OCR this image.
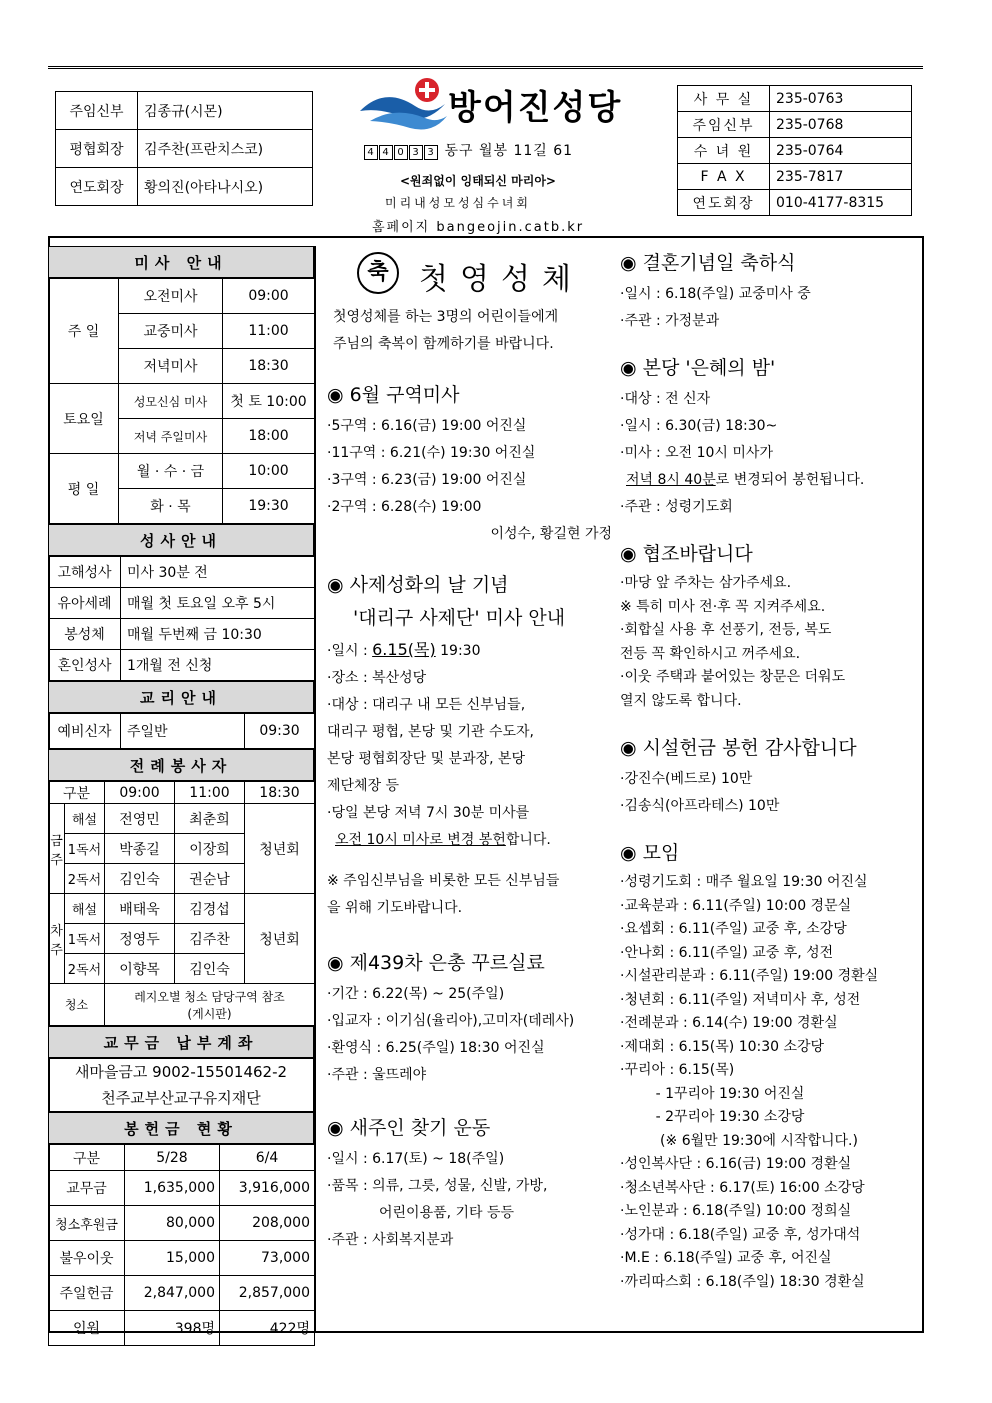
주임신부	김종규(시몬)
평협회장	김주찬(프란치스코)
연도회장	황의진(아타나시오)
방어진성당
4 4 0 3 3 동구 월봉 11길 61
<원죄없이 잉태되신 마리아>
미리내성모성심수녀회
홈페이지 bangeojin.catb.kr
사 무 실	235-0763
주임신부	235-0768
수 녀 원	235-0764
F A X	235-7817
연도회장	010-4177-8315
미사 안내
주 일	오전미사	09:00
	교중미사	11:00
	저녁미사	18:30
토요일	성모신심 미사	첫 토 10:00
	저녁 주일미사	18:00
평 일	월 · 수 · 금	10:00
	화 · 목	19:30
성사안내
고해성사	미사 30분 전
유아세례	매월 첫 토요일 오후 5시
봉성체	매월 두번째 금 10:30
혼인성사	1개월 전 신청
교리안내
예비신자	주일반	09:30
전례봉사자
구분		09:00	11:00	18:30
금주	해설	전영민	최춘희	청년회
	1독서	박종길	이장희	
	2독서	김인숙	권순남	
차주	해설	배태욱	김경섭	청년회
	1독서	정영두	김주찬	
	2독서	이향목	김인숙	
청소		레지오별 청소 담당구역 참조
(게시판)		
교무금 납부계좌
새마을금고 9002-15501462-2
천주교부산교구유지재단
봉헌금 현황
구분	5/28	6/4
교무금	1,635,000	3,916,000
청소후원금	80,000	208,000
불우이웃	15,000	73,000
주일헌금	2,847,000	2,857,000
인원	398명	422명
축	첫영성체
첫영성체를 하는 3명의 어린이들에게
주님의 축복이 함께하기를 바랍니다.
◉ 6월 구역미사
·5구역 : 6.16(금) 19:00 어진실
·11구역 : 6.21(수) 19:30 어진실
·3구역 : 6.23(금) 19:00 어진실
·2구역 : 6.28(수) 19:00
이성수, 황길현 가정
◉ 사제성화의 날 기념
'대리구 사제단' 미사 안내
·일시 : 6.15(목) 19:30
·장소 : 복산성당
·대상 : 대리구 내 모든 신부님들,
대리구 평협, 본당 및 기관 수도자,
본당 평협회장단 및 분과장, 본당
제단체장 등
·당일 본당 저녁 7시 30분 미사를
오전 10시 미사로 변경 봉헌합니다.
※ 주임신부님을 비롯한 모든 신부님들
을 위해 기도바랍니다.
◉ 제439차 은총 꾸르실료
·기간 : 6.22(목) ~ 25(주일)
·입교자 : 이기심(율리아),고미자(데레사)
·환영식 : 6.25(주일) 18:30 어진실
·주관 : 울뜨레야
◉ 새주인 찾기 운동
·일시 : 6.17(토) ~ 18(주일)
·품목 : 의류, 그릇, 성물, 신발, 가방,
어린이용품, 기타 등등
·주관 : 사회복지분과
◉ 결혼기념일 축하식
·일시 : 6.18(주일) 교중미사 중
·주관 : 가정분과
◉ 본당 '은혜의 밤'
·대상 : 전 신자
·일시 : 6.30(금) 18:30~
·미사 : 오전 10시 미사가
저녁 8시 40분로 변경되어 봉헌됩니다.
·주관 : 성령기도회
◉ 협조바랍니다
·마당 앞 주차는 삼가주세요.
※ 특히 미사 전·후 꼭 지켜주세요.
·회합실 사용 후 선풍기, 전등, 복도
전등 꼭 확인하시고 꺼주세요.
·이웃 주택과 붙어있는 창문은 더워도
열지 않도록 합니다.
◉ 시설헌금 봉헌 감사합니다
·강진수(베드로) 10만
·김송식(아프라테스) 10만
◉ 모임
·성령기도회 : 매주 월요일 19:30 어진실
·교육분과 : 6.11(주일) 10:00 경문실
·요셉회 : 6.11(주일) 교중 후, 소강당
·안나회 : 6.11(주일) 교중 후, 성전
·시설관리분과 : 6.11(주일) 19:00 경환실
·청년회 : 6.11(주일) 저녁미사 후, 성전
·전례분과 : 6.14(수) 19:00 경환실
·제대회 : 6.15(목) 10:30 소강당
·꾸리아 : 6.15(목)
- 1꾸리아 19:30 어진실
- 2꾸리아 19:30 소강당
(※ 6월만 19:30에 시작합니다.)
·성인복사단 : 6.16(금) 19:00 경환실
·청소년복사단 : 6.17(토) 16:00 소강당
·노인분과 : 6.18(주일) 10:00 정희실
·성가대 : 6.18(주일) 교중 후, 성가대석
·M.E : 6.18(주일) 교중 후, 어진실
·까리따스회 : 6.18(주일) 18:30 경환실
